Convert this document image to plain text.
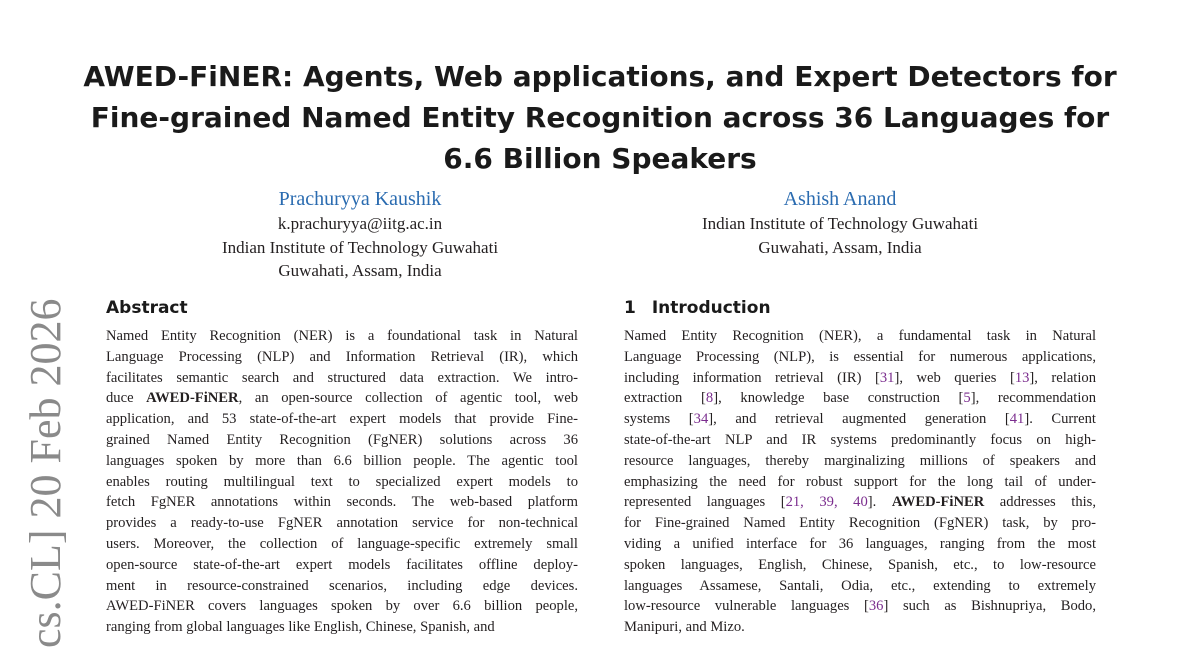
AWED-FiNER: Agents, Web applications, and Expert Detectors for
Fine-grained Named Entity Recognition across 36 Languages for
6.6 Billion Speakers
Prachuryya Kaushik
k.prachuryya@iitg.ac.in
Indian Institute of Technology Guwahati
Guwahati, Assam, India
Ashish Anand
Indian Institute of Technology Guwahati
Guwahati, Assam, India
cs.CL] 20 Feb 2026 Abstract

Named Entity Recognition (NER) is a foundational task in Natural
Language Processing (NLP) and Information Retrieval (IR), which
facilitates semantic search and structured data extraction. We intro-
duce AWED-FiNER, an open-source collection of agentic tool, web
application, and 53 state-of-the-art expert models that provide Fine-
grained Named Entity Recognition (FgNER) solutions across 36
languages spoken by more than 6.6 billion people. The agentic tool
enables routing multilingual text to specialized expert models to
fetch FgNER annotations within seconds. The web-based platform
provides a ready-to-use FgNER annotation service for non-technical
users. Moreover, the collection of language-specific extremely small
open-source state-of-the-art expert models facilitates offline deploy-
ment in resource-constrained scenarios, including edge devices.
AWED-FiNER covers languages spoken by over 6.6 billion people,
ranging from global languages like English, Chinese, Spanish, and

1 Introduction

Named Entity Recognition (NER), a fundamental task in Natural
Language Processing (NLP), is essential for numerous applications,
including information retrieval (IR) [31], web queries [13], relation
extraction [8], knowledge base construction [5], recommendation
systems [34], and retrieval augmented generation [41]. Current
state-of-the-art NLP and IR systems predominantly focus on high-
resource languages, thereby marginalizing millions of speakers and
emphasizing the need for robust support for the long tail of under-
represented languages [21, 39, 40]. AWED-FiNER addresses this,
for Fine-grained Named Entity Recognition (FgNER) task, by pro-
viding a unified interface for 36 languages, ranging from the most
spoken languages, English, Chinese, Spanish, etc., to low-resource
languages Assamese, Santali, Odia, etc., extending to extremely
low-resource vulnerable languages [36] such as Bishnupriya, Bodo,
Manipuri, and Mizo.
